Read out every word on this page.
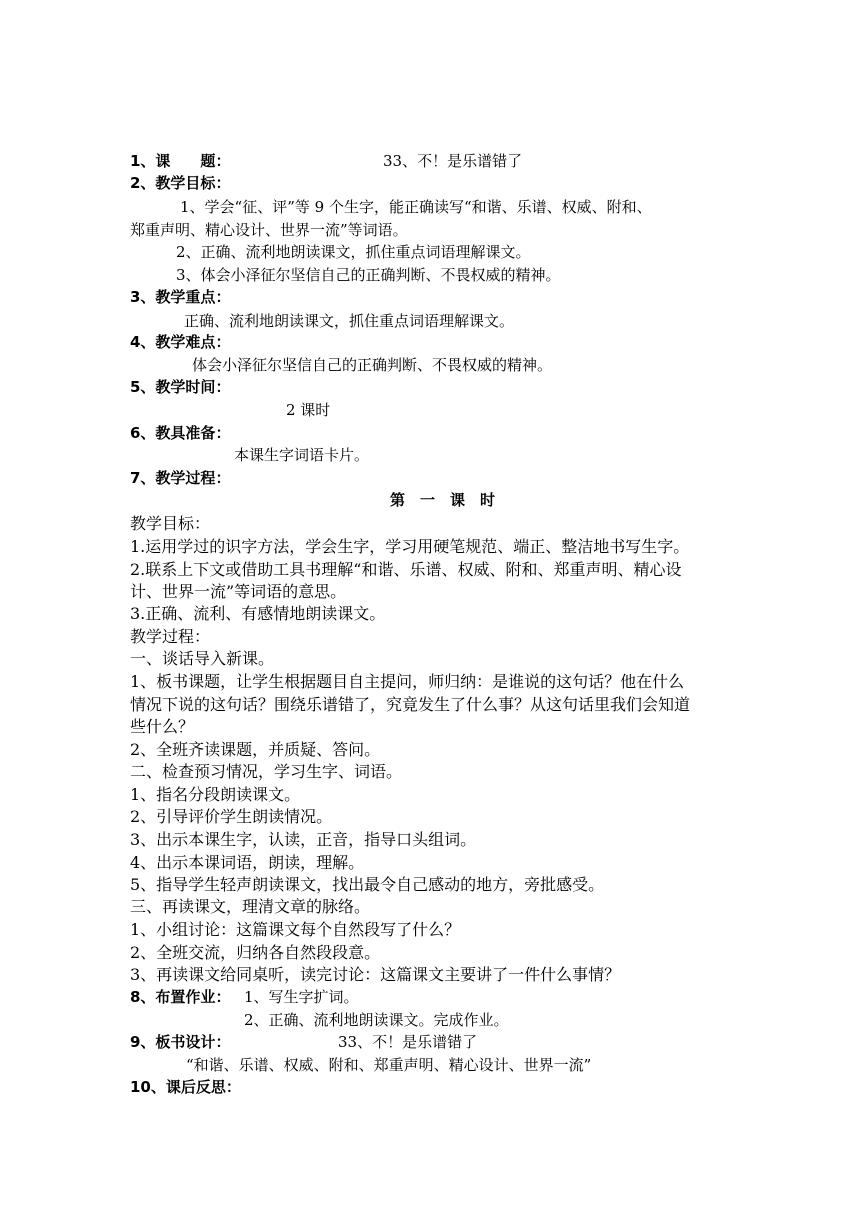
1、课　　题：	33、不！是乐谱错了
2、教学目标：
1、学会“征、评”等 9 个生字，能正确读写“和谐、乐谱、权威、附和、
郑重声明、精心设计、世界一流”等词语。
2、正确、流利地朗读课文，抓住重点词语理解课文。
3、体会小泽征尔坚信自己的正确判断、不畏权威的精神。
3、教学重点：
正确、流利地朗读课文，抓住重点词语理解课文。
4、教学难点：
体会小泽征尔坚信自己的正确判断、不畏权威的精神。
5、教学时间：
2 课时
6、教具准备：
本课生字词语卡片。
7、教学过程：
第　一　课　时
教学目标：
1.运用学过的识字方法，学会生字，学习用硬笔规范、端正、整洁地书写生字。
2.联系上下文或借助工具书理解“和谐、乐谱、权威、附和、郑重声明、精心设
计、世界一流”等词语的意思。
3.正确、流利、有感情地朗读课文。
教学过程：
一、谈话导入新课。
1、板书课题，让学生根据题目自主提问，师归纳：是谁说的这句话？他在什么
情况下说的这句话？围绕乐谱错了，究竟发生了什么事？从这句话里我们会知道
些什么？
2、全班齐读课题，并质疑、答问。
二、检查预习情况，学习生字、词语。
1、指名分段朗读课文。
2、引导评价学生朗读情况。
3、出示本课生字，认读，正音，指导口头组词。
4、出示本课词语，朗读，理解。
5、指导学生轻声朗读课文，找出最令自己感动的地方，旁批感受。
三、再读课文，理清文章的脉络。
1、小组讨论：这篇课文每个自然段写了什么？
2、全班交流，归纳各自然段段意。
3、再读课文给同桌听，读完讨论：这篇课文主要讲了一件什么事情？
8、布置作业： 1、写生字扩词。
2、正确、流利地朗读课文。完成作业。
9、板书设计：	33、不！是乐谱错了
“和谐、乐谱、权威、附和、郑重声明、精心设计、世界一流”
10、课后反思：
